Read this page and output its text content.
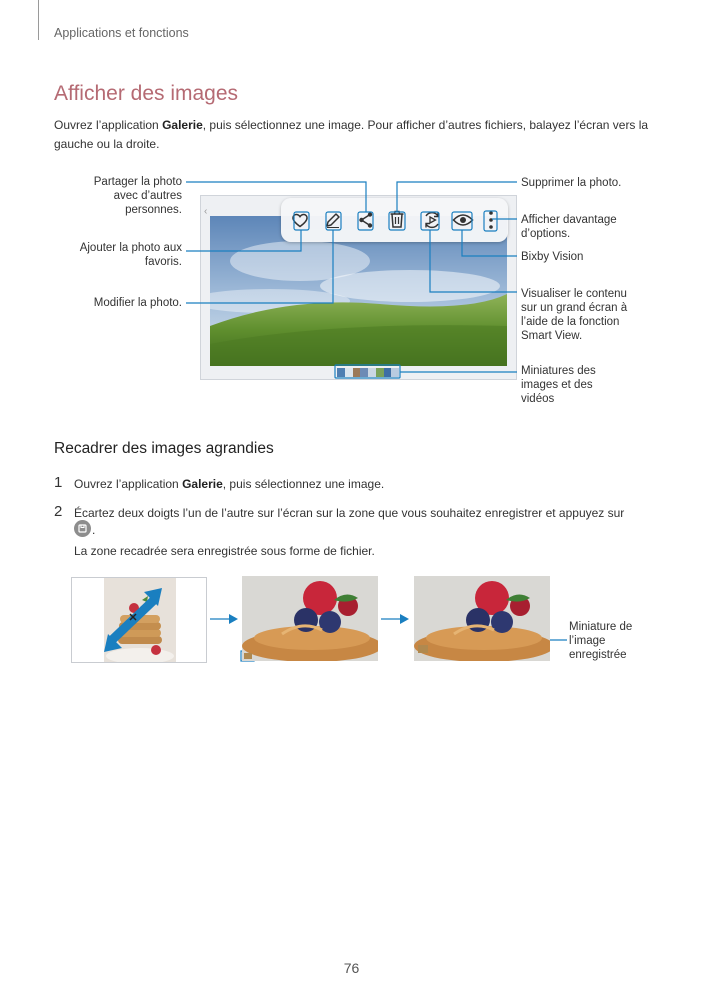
Applications et fonctions
Afficher des images
Ouvrez l’application Galerie, puis sélectionnez une image. Pour afficher d’autres fichiers, balayez l’écran vers la gauche ou la droite.
‹
Partager la photo avec d’autres personnes.
Ajouter la photo aux favoris.
Modifier la photo.
Supprimer la photo.
Afficher davantage d’options.
Bixby Vision
Visualiser le contenu sur un grand écran à l’aide de la fonction Smart View.
Miniatures des images et des vidéos
Recadrer des images agrandies
1 Ouvrez l’application Galerie, puis sélectionnez une image.
2 Écartez deux doigts l’un de l’autre sur l’écran sur la zone que vous souhaitez enregistrer et appuyez sur
.
La zone recadrée sera enregistrée sous forme de fichier.
Miniature de l’image enregistrée
76
